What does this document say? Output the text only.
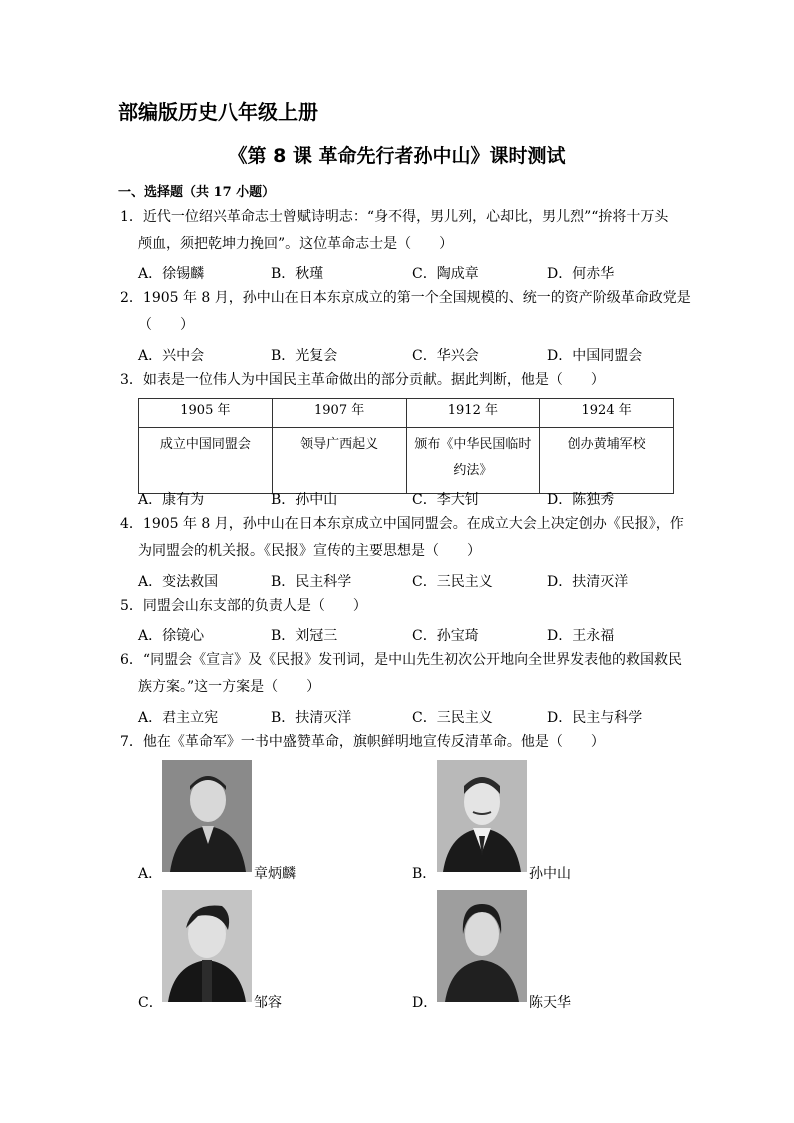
部编版历史八年级上册
《第 8 课 革命先行者孙中山》课时测试
一、选择题（共 17 小题）
1．近代一位绍兴革命志士曾赋诗明志：“身不得，男儿列，心却比，男儿烈”“拚将十万头
颅血，须把乾坤力挽回”。这位革命志士是（　　）
A．徐锡麟	B．秋瑾	C．陶成章	D．何赤华
2．1905 年 8 月，孙中山在日本东京成立的第一个全国规模的、统一的资产阶级革命政党是
（　　）
A．兴中会	B．光复会	C．华兴会	D．中国同盟会
3．如表是一位伟人为中国民主革命做出的部分贡献。据此判断，他是（　　）
1905 年	1907 年	1912 年	1924 年
成立中国同盟会	领导广西起义	颁布《中华民国临时约法》	创办黄埔军校
A．康有为	B．孙中山	C．李大钊	D．陈独秀
4．1905 年 8 月，孙中山在日本东京成立中国同盟会。在成立大会上决定创办《民报》，作
为同盟会的机关报。《民报》宣传的主要思想是（　　）
A．变法救国	B．民主科学	C．三民主义	D．扶清灭洋
5．同盟会山东支部的负责人是（　　）
A．徐镜心	B．刘冠三	C．孙宝琦	D．王永福
6．“同盟会《宣言》及《民报》发刊词，是中山先生初次公开地向全世界发表他的救国救民
族方案。”这一方案是（　　）
A．君主立宪	B．扶清灭洋	C．三民主义	D．民主与科学
7．他在《革命军》一书中盛赞革命，旗帜鲜明地宣传反清革命。他是（　　）
A．	章炳麟	B．	孙中山
C．	邹容	D．	陈天华
